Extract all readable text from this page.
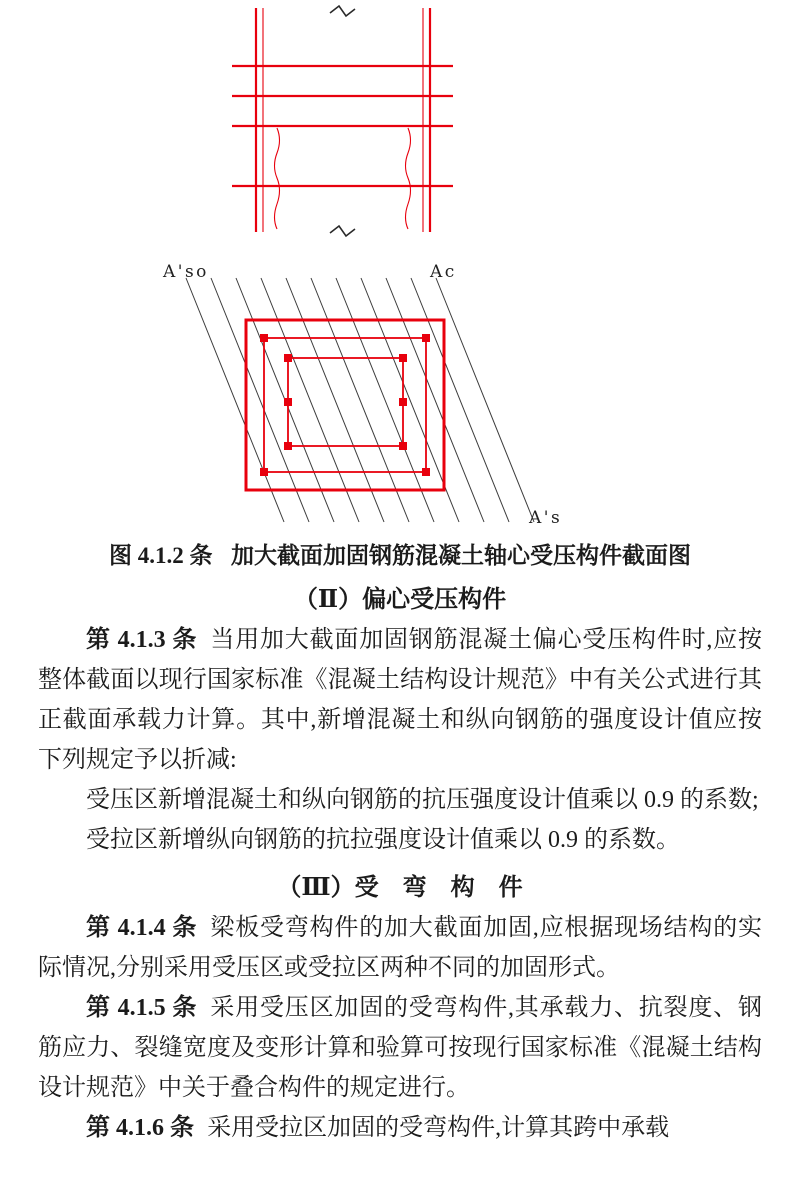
A'so	Ac
A's

图 4.1.2 条 加大截面加固钢筋混凝土轴心受压构件截面图

（Ⅱ）偏心受压构件

第 4.1.3 条 当用加大截面加固钢筋混凝土偏心受压构件时,应按整体截面以现行国家标准《混凝土结构设计规范》中有关公式进行其正截面承载力计算。其中,新增混凝土和纵向钢筋的强度设计值应按下列规定予以折减:

受压区新增混凝土和纵向钢筋的抗压强度设计值乘以 0.9 的系数;

受拉区新增纵向钢筋的抗拉强度设计值乘以 0.9 的系数。

（Ⅲ）受　弯　构　件

第 4.1.4 条 梁板受弯构件的加大截面加固,应根据现场结构的实际情况,分别采用受压区或受拉区两种不同的加固形式。

第 4.1.5 条 采用受压区加固的受弯构件,其承载力、抗裂度、钢筋应力、裂缝宽度及变形计算和验算可按现行国家标准《混凝土结构设计规范》中关于叠合构件的规定进行。

第 4.1.6 条 采用受拉区加固的受弯构件,计算其跨中承载
